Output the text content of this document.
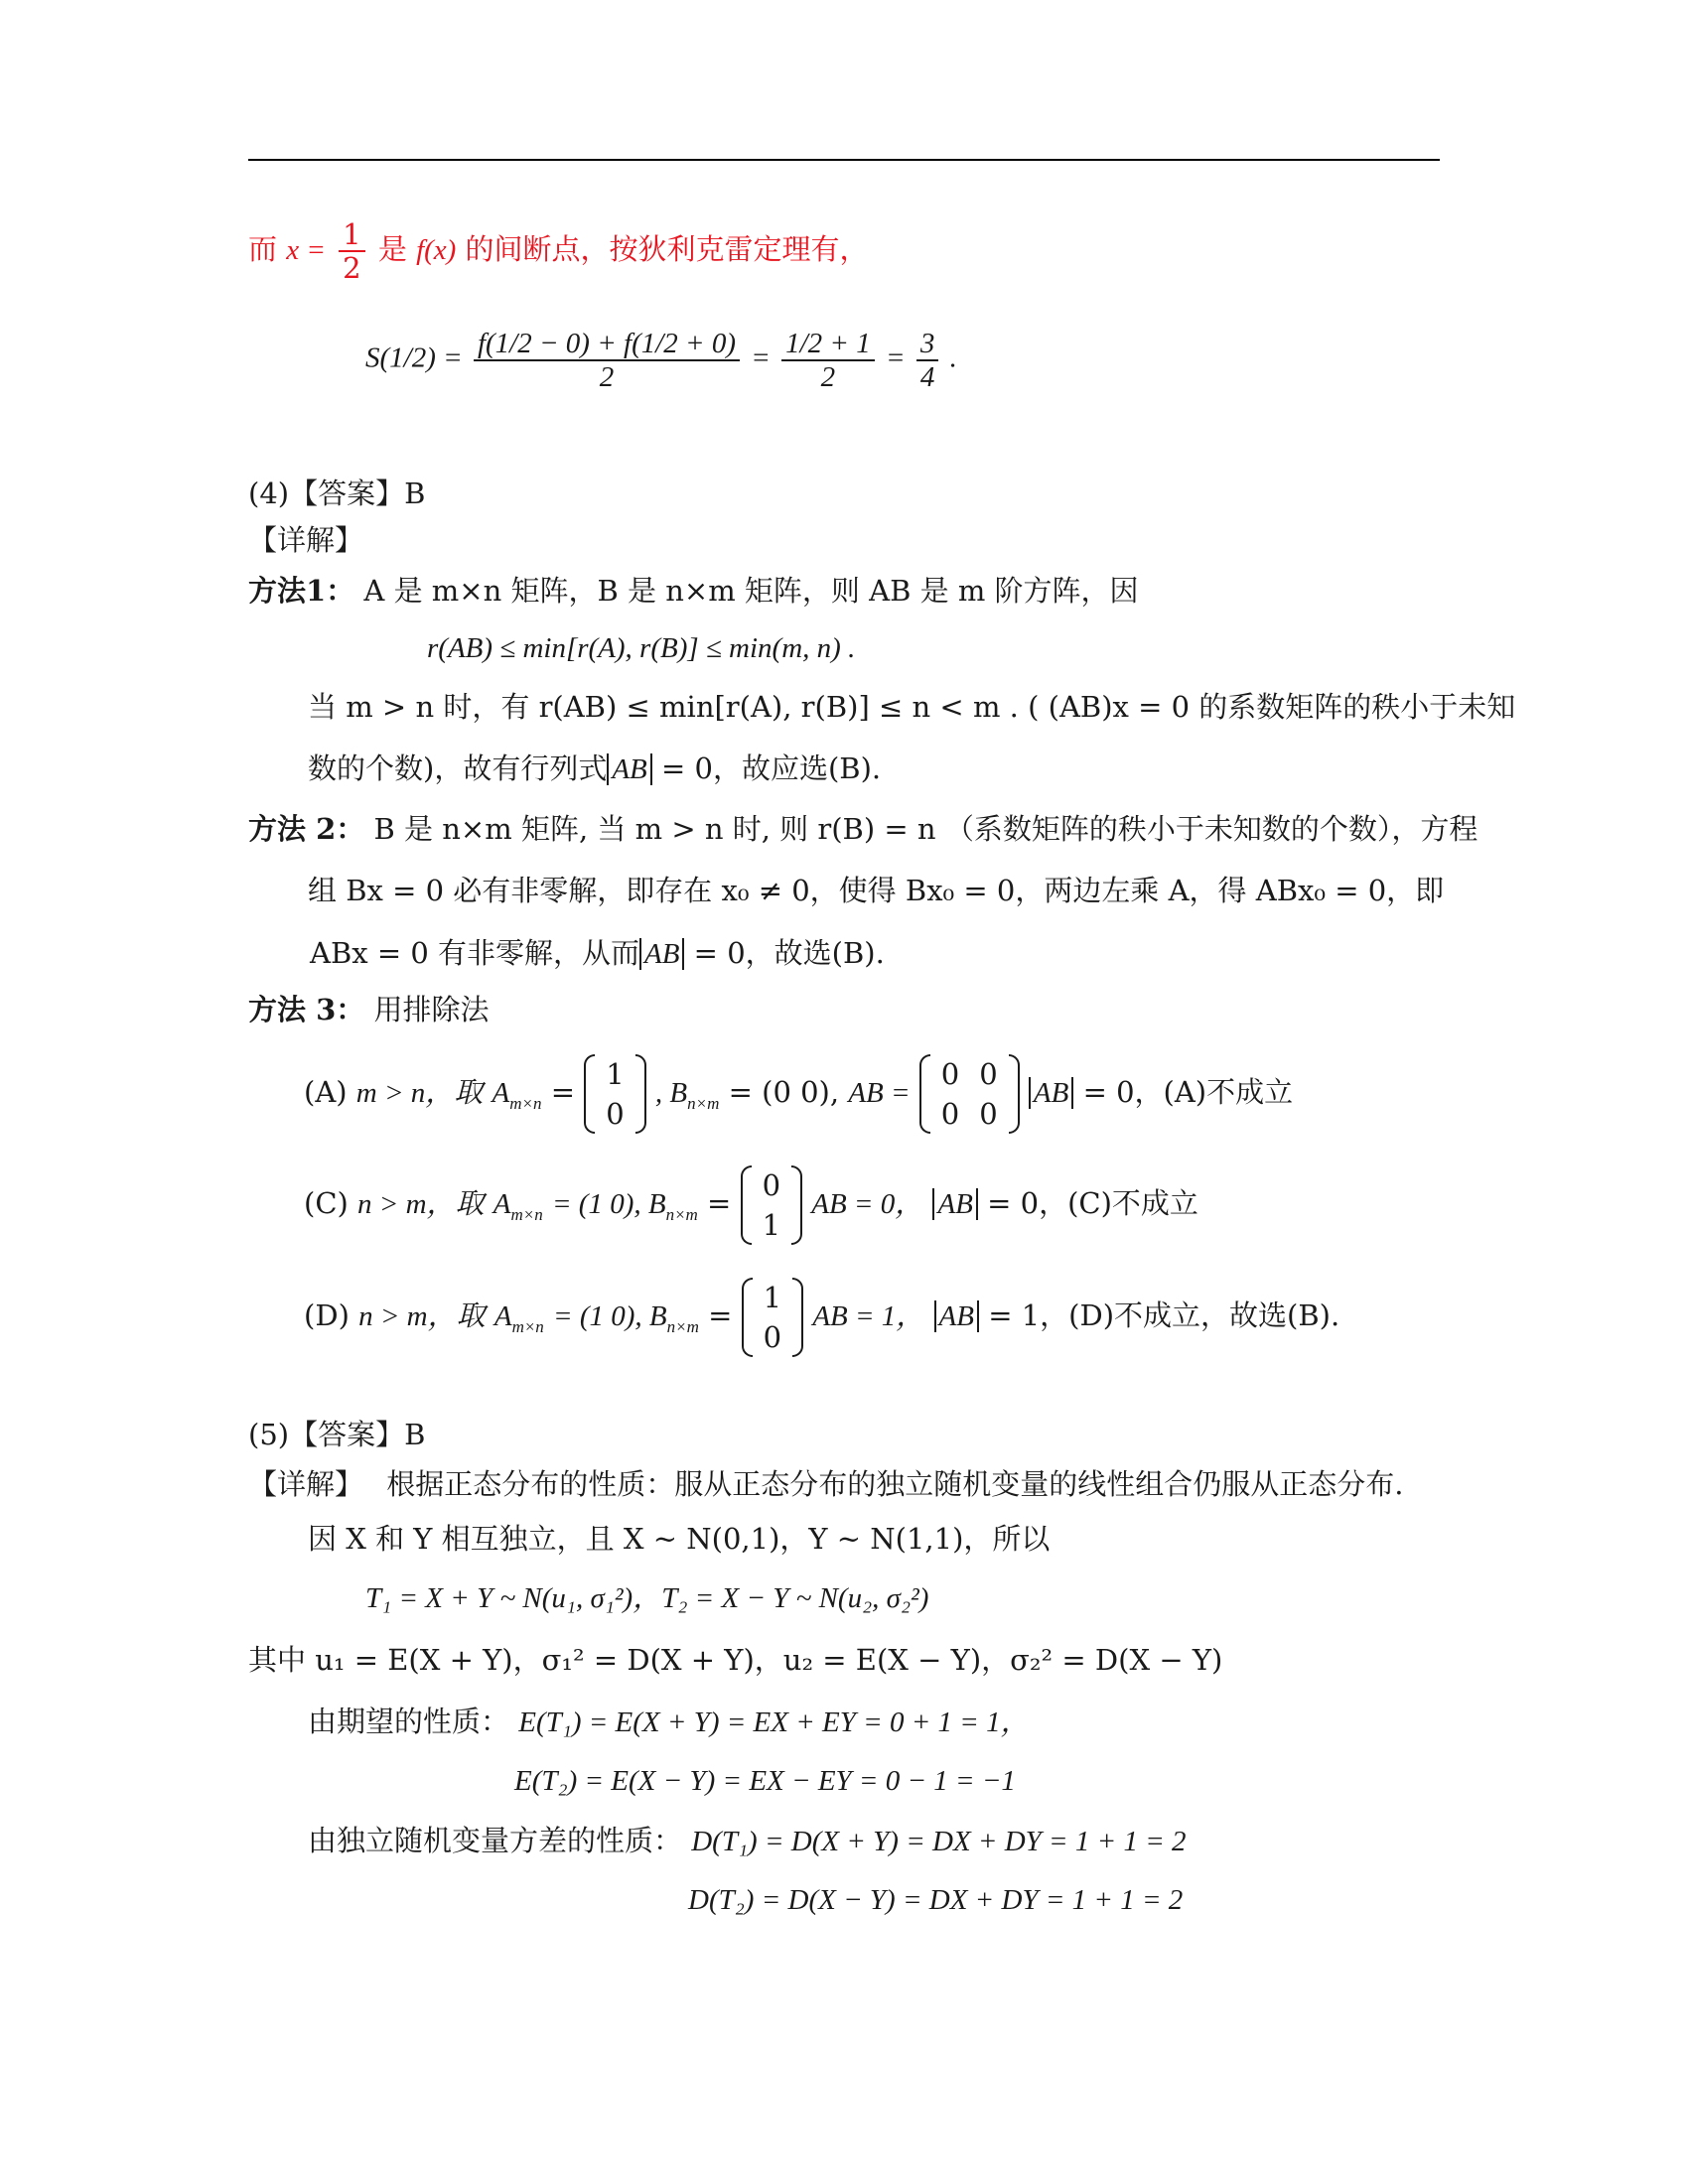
而 $x = \frac{1}{2}$ 是 f(x) 的间断点，按狄利克雷定理有，
$S(1/2) = \frac{f(1/2 - 0) + f(1/2 + 0)}{2} = \frac{1/2 + 1}{2} = \frac{3}{4}$ .
(4)【答案】B
【详解】
方法1： A 是 m×n 矩阵，B 是 n×m 矩阵，则 AB 是 m 阶方阵，因
r(AB) ≤ min[r(A), r(B)] ≤ min(m, n) .
当 m > n 时，有 r(AB) ≤ min[r(A), r(B)] ≤ n < m . ( (AB)x = 0 的系数矩阵的秩小于未知
数的个数)，故有行列式 AB = 0，故应选(B).
方法 2： B 是 n×m 矩阵, 当 m > n 时, 则 r(B) = n （系数矩阵的秩小于未知数的个数），方程
组 Bx = 0 必有非零解，即存在 x₀ ≠ 0，使得 Bx₀ = 0，两边左乘 A，得 ABx₀ = 0，即
ABx = 0 有非零解，从而 AB = 0，故选(B).
方法 3： 用排除法
(A) m > n，取 $A_{m\times n}$ =
1
0
, $B_{n\times m} = (0$ 0), AB =
0	0
0	0
AB = 0，(A)不成立
(C) n > m，取 $A_{m\times n} = (1$ 0), $B_{n\times m}$ =
0
1
AB = 0， AB = 0，(C)不成立
(D) n > m，取 $A_{m\times n} = (1$ 0), $B_{n\times m}$ =
1
0
AB = 1， AB = 1，(D)不成立，故选(B).
(5)【答案】B
【详解】 根据正态分布的性质：服从正态分布的独立随机变量的线性组合仍服从正态分布.
因 X 和 Y 相互独立，且 X ~ N(0,1)，Y ~ N(1,1)，所以
T₁ = X + Y ~ N(u₁, σ₁²)，T₂ = X − Y ~ N(u₂, σ₂²)
其中 u₁ = E(X + Y)，σ₁² = D(X + Y)，u₂ = E(X − Y)，σ₂² = D(X − Y)
由期望的性质： E(T₁) = E(X + Y) = EX + EY = 0 + 1 = 1，
E(T₂) = E(X − Y) = EX − EY = 0 − 1 = −1
由独立随机变量方差的性质： D(T₁) = D(X + Y) = DX + DY = 1 + 1 = 2
D(T₂) = D(X − Y) = DX + DY = 1 + 1 = 2
